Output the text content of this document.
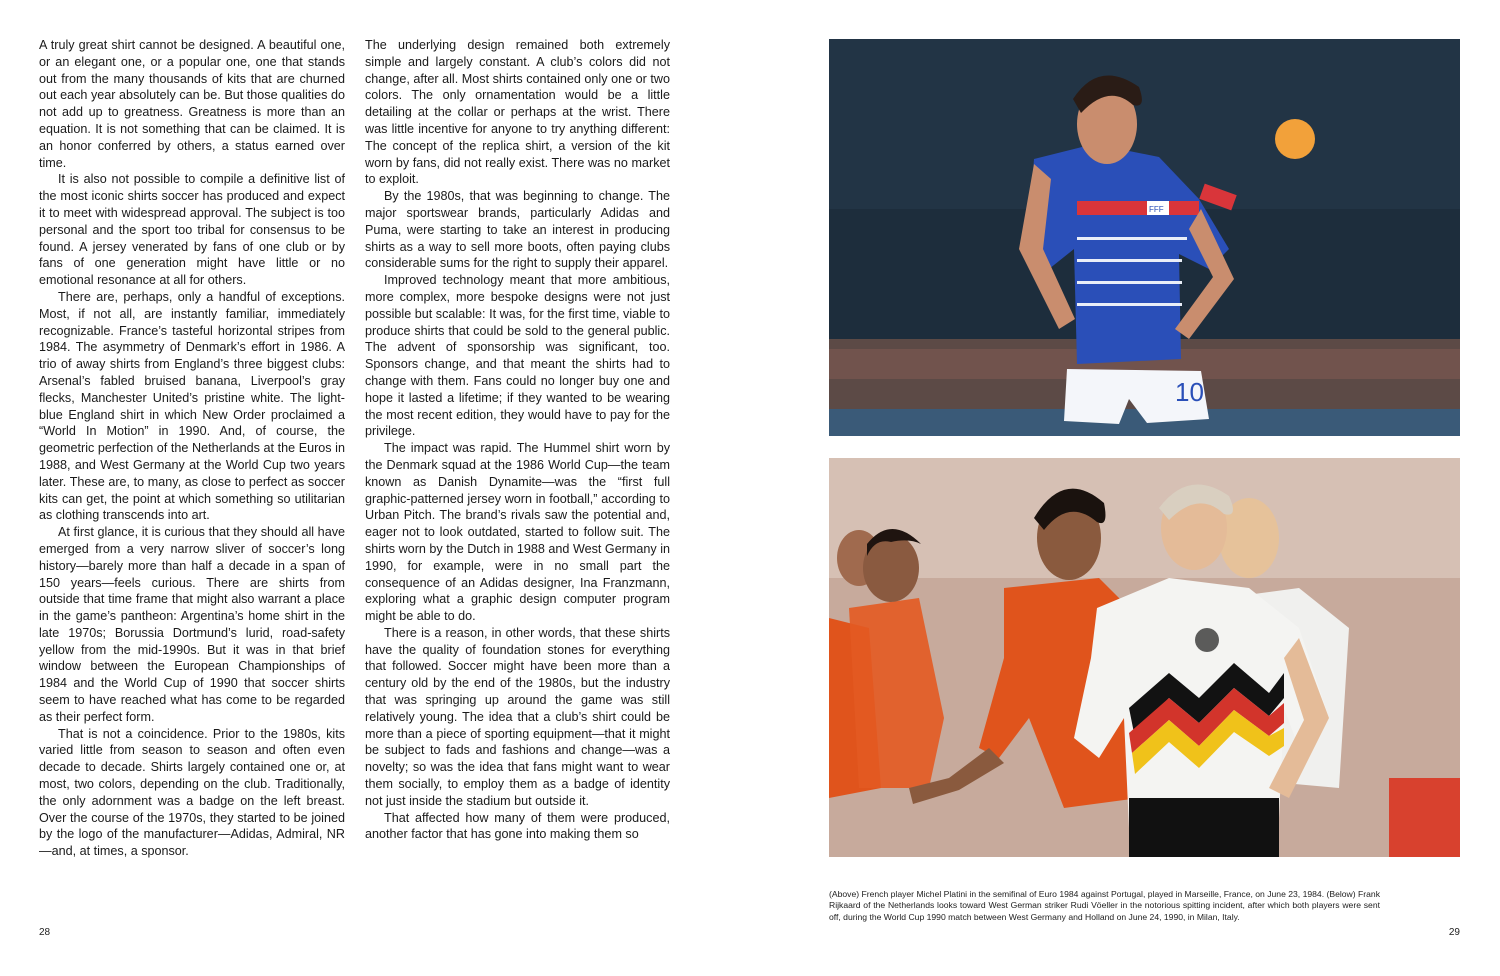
A truly great shirt cannot be designed. A beautiful one, or an elegant one, or a popular one, one that stands out from the many thousands of kits that are churned out each year absolutely can be. But those qualities do not add up to greatness. Greatness is more than an equation. It is not something that can be claimed. It is an honor conferred by others, a status earned over time.

It is also not possible to compile a definitive list of the most iconic shirts soccer has produced and expect it to meet with widespread approval. The subject is too personal and the sport too tribal for consensus to be found. A jersey venerated by fans of one club or by fans of one generation might have little or no emotional resonance at all for others.

There are, perhaps, only a handful of exceptions. Most, if not all, are instantly familiar, immediately recognizable. France’s tasteful horizontal stripes from 1984. The asymmetry of Denmark’s effort in 1986. A trio of away shirts from England’s three biggest clubs: Arsenal’s fabled bruised banana, Liverpool’s gray flecks, Manchester United’s pristine white. The light-blue England shirt in which New Order proclaimed a “World In Motion” in 1990. And, of course, the geometric perfection of the Netherlands at the Euros in 1988, and West Germany at the World Cup two years later. These are, to many, as close to perfect as soccer kits can get, the point at which something so utilitarian as clothing transcends into art.

At first glance, it is curious that they should all have emerged from a very narrow sliver of soccer’s long history—barely more than half a decade in a span of 150 years—feels curious. There are shirts from outside that time frame that might also warrant a place in the game’s pantheon: Argentina’s home shirt in the late 1970s; Borussia Dortmund’s lurid, road-safety yellow from the mid-1990s. But it was in that brief window between the European Championships of 1984 and the World Cup of 1990 that soccer shirts seem to have reached what has come to be regarded as their perfect form.

That is not a coincidence. Prior to the 1980s, kits varied little from season to season and often even decade to decade. Shirts largely contained one or, at most, two colors, depending on the club. Traditionally, the only adornment was a badge on the left breast. Over the course of the 1970s, they started to be joined by the logo of the manufacturer—Adidas, Admiral, NR—and, at times, a sponsor.

The underlying design remained both extremely simple and largely constant. A club’s colors did not change, after all. Most shirts contained only one or two colors. The only ornamentation would be a little detailing at the collar or perhaps at the wrist. There was little incentive for anyone to try anything different: The concept of the replica shirt, a version of the kit worn by fans, did not really exist. There was no market to exploit.

By the 1980s, that was beginning to change. The major sportswear brands, particularly Adidas and Puma, were starting to take an interest in producing shirts as a way to sell more boots, often paying clubs considerable sums for the right to supply their apparel.

Improved technology meant that more ambitious, more complex, more bespoke designs were not just possible but scalable: It was, for the first time, viable to produce shirts that could be sold to the general public. The advent of sponsorship was significant, too. Sponsors change, and that meant the shirts had to change with them. Fans could no longer buy one and hope it lasted a lifetime; if they wanted to be wearing the most recent edition, they would have to pay for the privilege.

The impact was rapid. The Hummel shirt worn by the Denmark squad at the 1986 World Cup—the team known as Danish Dynamite—was the “first full graphic-patterned jersey worn in football,” according to Urban Pitch. The brand’s rivals saw the potential and, eager not to look outdated, started to follow suit. The shirts worn by the Dutch in 1988 and West Germany in 1990, for example, were in no small part the consequence of an Adidas designer, Ina Franzmann, exploring what a graphic design computer program might be able to do.

There is a reason, in other words, that these shirts have the quality of foundation stones for everything that followed. Soccer might have been more than a century old by the end of the 1980s, but the industry that was springing up around the game was still relatively young. The idea that a club’s shirt could be more than a piece of sporting equipment—that it might be subject to fads and fashions and change—was a novelty; so was the idea that fans might want to wear them socially, to employ them as a badge of identity not just inside the stadium but outside it.

That affected how many of them were produced, another factor that has gone into making them so

28
10
FFF
(Above) French player Michel Platini in the semifinal of Euro 1984 against Portugal, played in Marseille, France, on June 23, 1984. (Below) Frank Rijkaard of the Netherlands looks toward West German striker Rudi Vöeller in the notorious spitting incident, after which both players were sent off, during the World Cup 1990 match between West Germany and Holland on June 24, 1990, in Milan, Italy.
29
